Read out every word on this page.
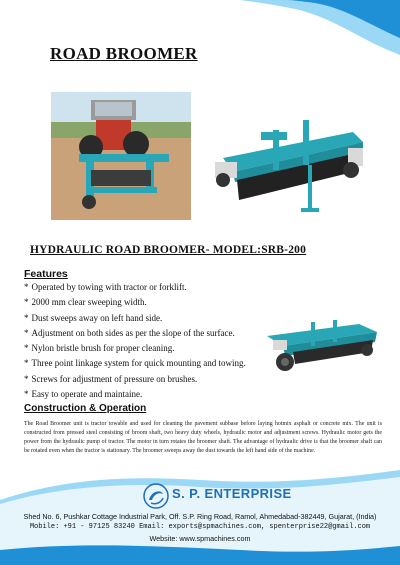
ROAD BROOMER
HYDRAULIC ROAD BROOMER- MODEL:SRB-200
Features
* Operated by towing with tractor or forklift.
* 2000 mm clear sweeping width.
* Dust sweeps away on left hand side.
* Adjustment on both sides as per the slope of the surface.
* Nylon bristle brush for proper cleaning.
* Three point linkage system for quick mounting and towing.
* Screws for adjustment of pressure on brushes.
* Easy to operate and maintaine.
Construction & Operation

The Road Broomer unit is tractor towable and used for cleaning the pavement subbase before laying hotmix asphalt or concrete mix. The unit is constructed from pressed steel consisting of broom shaft, two heavy duty wheels, hydraulic motor and adjustment screws. Hydraulic motor gets the power from the hydraulic pump of tractor. The motor in turn rotates the broomer shaft. The advantage of hydraulic drive is that the broomer shaft can be rotated even when the tractor is stationary. The broomer sweeps away the dust towards the left hand side of the machine.

S. P. ENTERPRISE

Shed No. 6, Pushkar Cottage Industrial Park, Off. S.P. Ring Road, Ramol, Ahmedabad-382449, Gujarat, (India)

Mobile: +91 - 97125 83240 Email: exports@spmachines.com, spenterprise22@gmail.com

Website: www.spmachines.com
